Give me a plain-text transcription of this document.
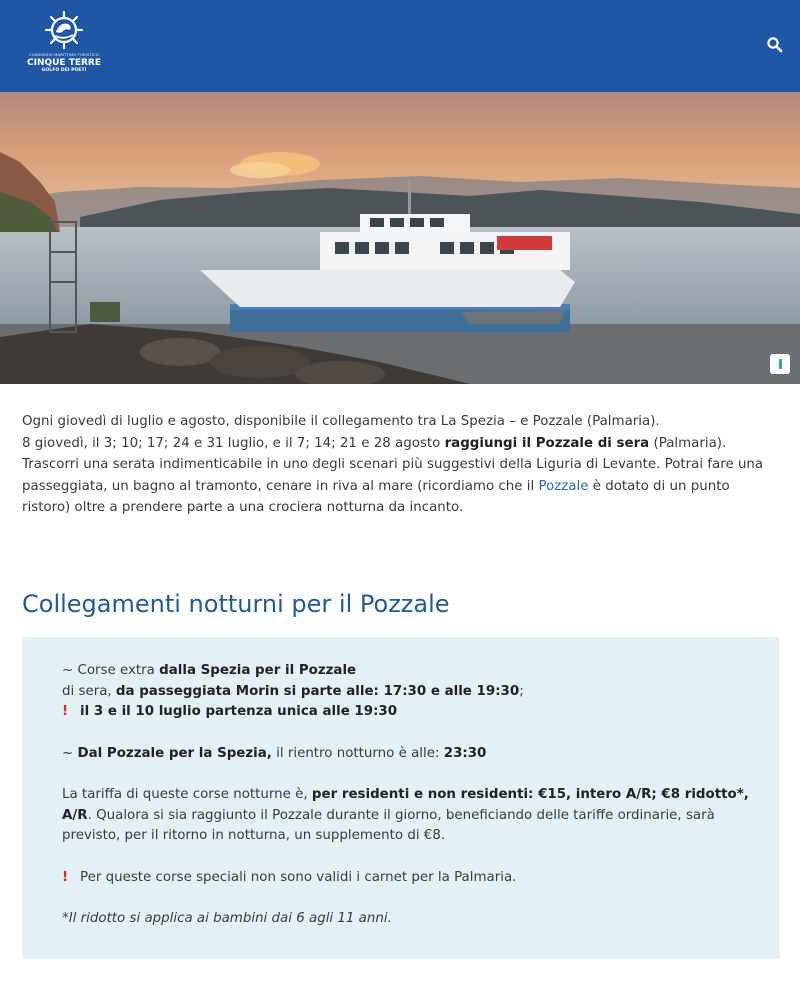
CONSORZIO MARITTIMO TURISTICO
CINQUE TERRE
GOLFO DEI POETI

Ogni giovedì di luglio e agosto, disponibile il collegamento tra La Spezia – e Pozzale (Palmaria).

8 giovedì, il 3; 10; 17; 24 e 31 luglio, e il 7; 14; 21 e 28 agosto raggiungi il Pozzale di sera (Palmaria). Trascorri una serata indimenticabile in uno degli scenari più suggestivi della Liguria di Levante. Potrai fare una passeggiata, un bagno al tramonto, cenare in riva al mare (ricordiamo che il Pozzale è dotato di un punto ristoro) oltre a prendere parte a una crociera notturna da incanto.

Collegamenti notturni per il Pozzale

~ Corse extra dalla Spezia per il Pozzale

di sera, da passeggiata Morin si parte alle: 17:30 e alle 19:30;

! il 3 e il 10 luglio partenza unica alle 19:30

~ Dal Pozzale per la Spezia, il rientro notturno è alle: 23:30

La tariffa di queste corse notturne è, per residenti e non residenti: €15, intero A/R; €8 ridotto*, A/R. Qualora si sia raggiunto il Pozzale durante il giorno, beneficiando delle tariffe ordinarie, sarà previsto, per il ritorno in notturna, un supplemento di €8.

! Per queste corse speciali non sono validi i carnet per la Palmaria.

*Il ridotto si applica ai bambini dai 6 agli 11 anni.
